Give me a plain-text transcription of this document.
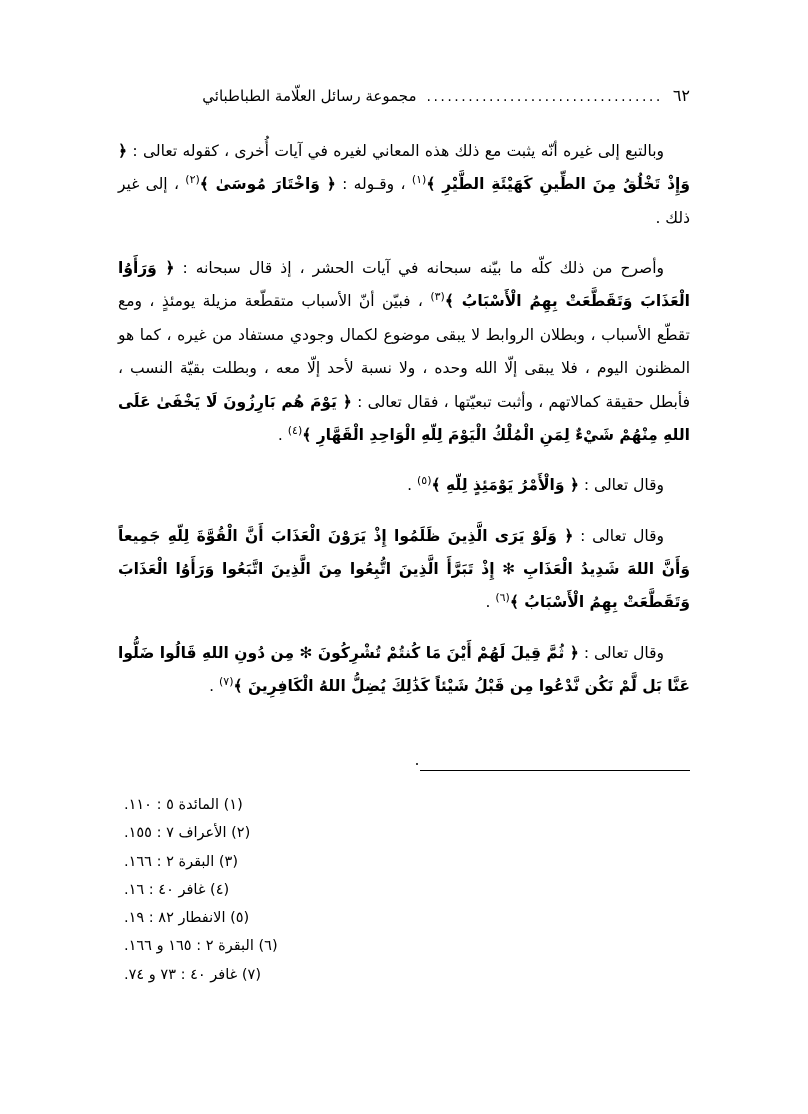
٦٢
..................................
مجموعة رسائل العلّامة الطباطبائي

وبالتبع إلى غيره أنّه يثبت مع ذلك هذه المعاني لغيره في آيات أُخرى ، كقوله تعالى : ﴿ وَإِذْ تَخْلُقُ مِنَ الطِّينِ كَهَيْئَةِ الطَّيْرِ ﴾$^{(١)}$ ، وقـوله : ﴿ وَاخْتَارَ مُوسَىٰ ﴾$^{(٢)}$ ، إلى غير ذلك .

وأصرح من ذلك كلّه ما بيّنه سبحانه في آيات الحشر ، إذ قال سبحانه : ﴿ وَرَأَوُا الْعَذَابَ وَتَقَطَّعَتْ بِهِمُ الْأَسْبَابُ ﴾$^{(٣)}$ ، فبيّن أنّ الأسباب متقطّعة مزيلة يومئذٍ ، ومع تقطّع الأسباب ، وبطلان الروابط لا يبقى موضوع لكمال وجودي مستفاد من غيره ، كما هو المظنون اليوم ، فلا يبقى إلّا الله وحده ، ولا نسبة لأحد إلّا معه ، وبطلت بقيّة النسب ، فأبطل حقيقة كمالاتهم ، وأثبت تبعيّتها ، فقال تعالى : ﴿ يَوْمَ هُم بَارِزُونَ لَا يَخْفَىٰ عَلَى اللهِ مِنْهُمْ شَيْءٌ لِمَنِ الْمُلْكُ الْيَوْمَ لِلّهِ الْوَاحِدِ الْقَهَّارِ ﴾$^{(٤)}$ .

وقال تعالى : ﴿ وَالْأَمْرُ يَوْمَئِذٍ لِلّهِ ﴾$^{(٥)}$ .

وقال تعالى : ﴿ وَلَوْ يَرَى الَّذِينَ ظَلَمُوا إِذْ يَرَوْنَ الْعَذَابَ أَنَّ الْقُوَّةَ لِلّهِ جَمِيعاً وَأَنَّ اللهَ شَدِيدُ الْعَذَابِ ✻ إِذْ تَبَرَّأَ الَّذِينَ اتُّبِعُوا مِنَ الَّذِينَ اتَّبَعُوا وَرَأَوُا الْعَذَابَ وَتَقَطَّعَتْ بِهِمُ الْأَسْبَابُ ﴾$^{(٦)}$ .

وقال تعالى : ﴿ ثُمَّ قِيلَ لَهُمْ أَيْنَ مَا كُنتُمْ تُشْرِكُونَ ✻ مِن دُونِ اللهِ قَالُوا ضَلُّوا عَنَّا بَل لَّمْ نَكُن نَّدْعُوا مِن قَبْلُ شَيْئاً كَذَٰلِكَ يُضِلُّ اللهُ الْكَافِرِينَ ﴾$^{(٧)}$ .

(١) المائدة ٥ : ١١٠.
(٢) الأعراف ٧ : ١٥٥.
(٣) البقرة ٢ : ١٦٦.
(٤) غافر ٤٠ : ١٦.
(٥) الانفطار ٨٢ : ١٩.
(٦) البقرة ٢ : ١٦٥ و ١٦٦.
(٧) غافر ٤٠ : ٧٣ و ٧٤.
